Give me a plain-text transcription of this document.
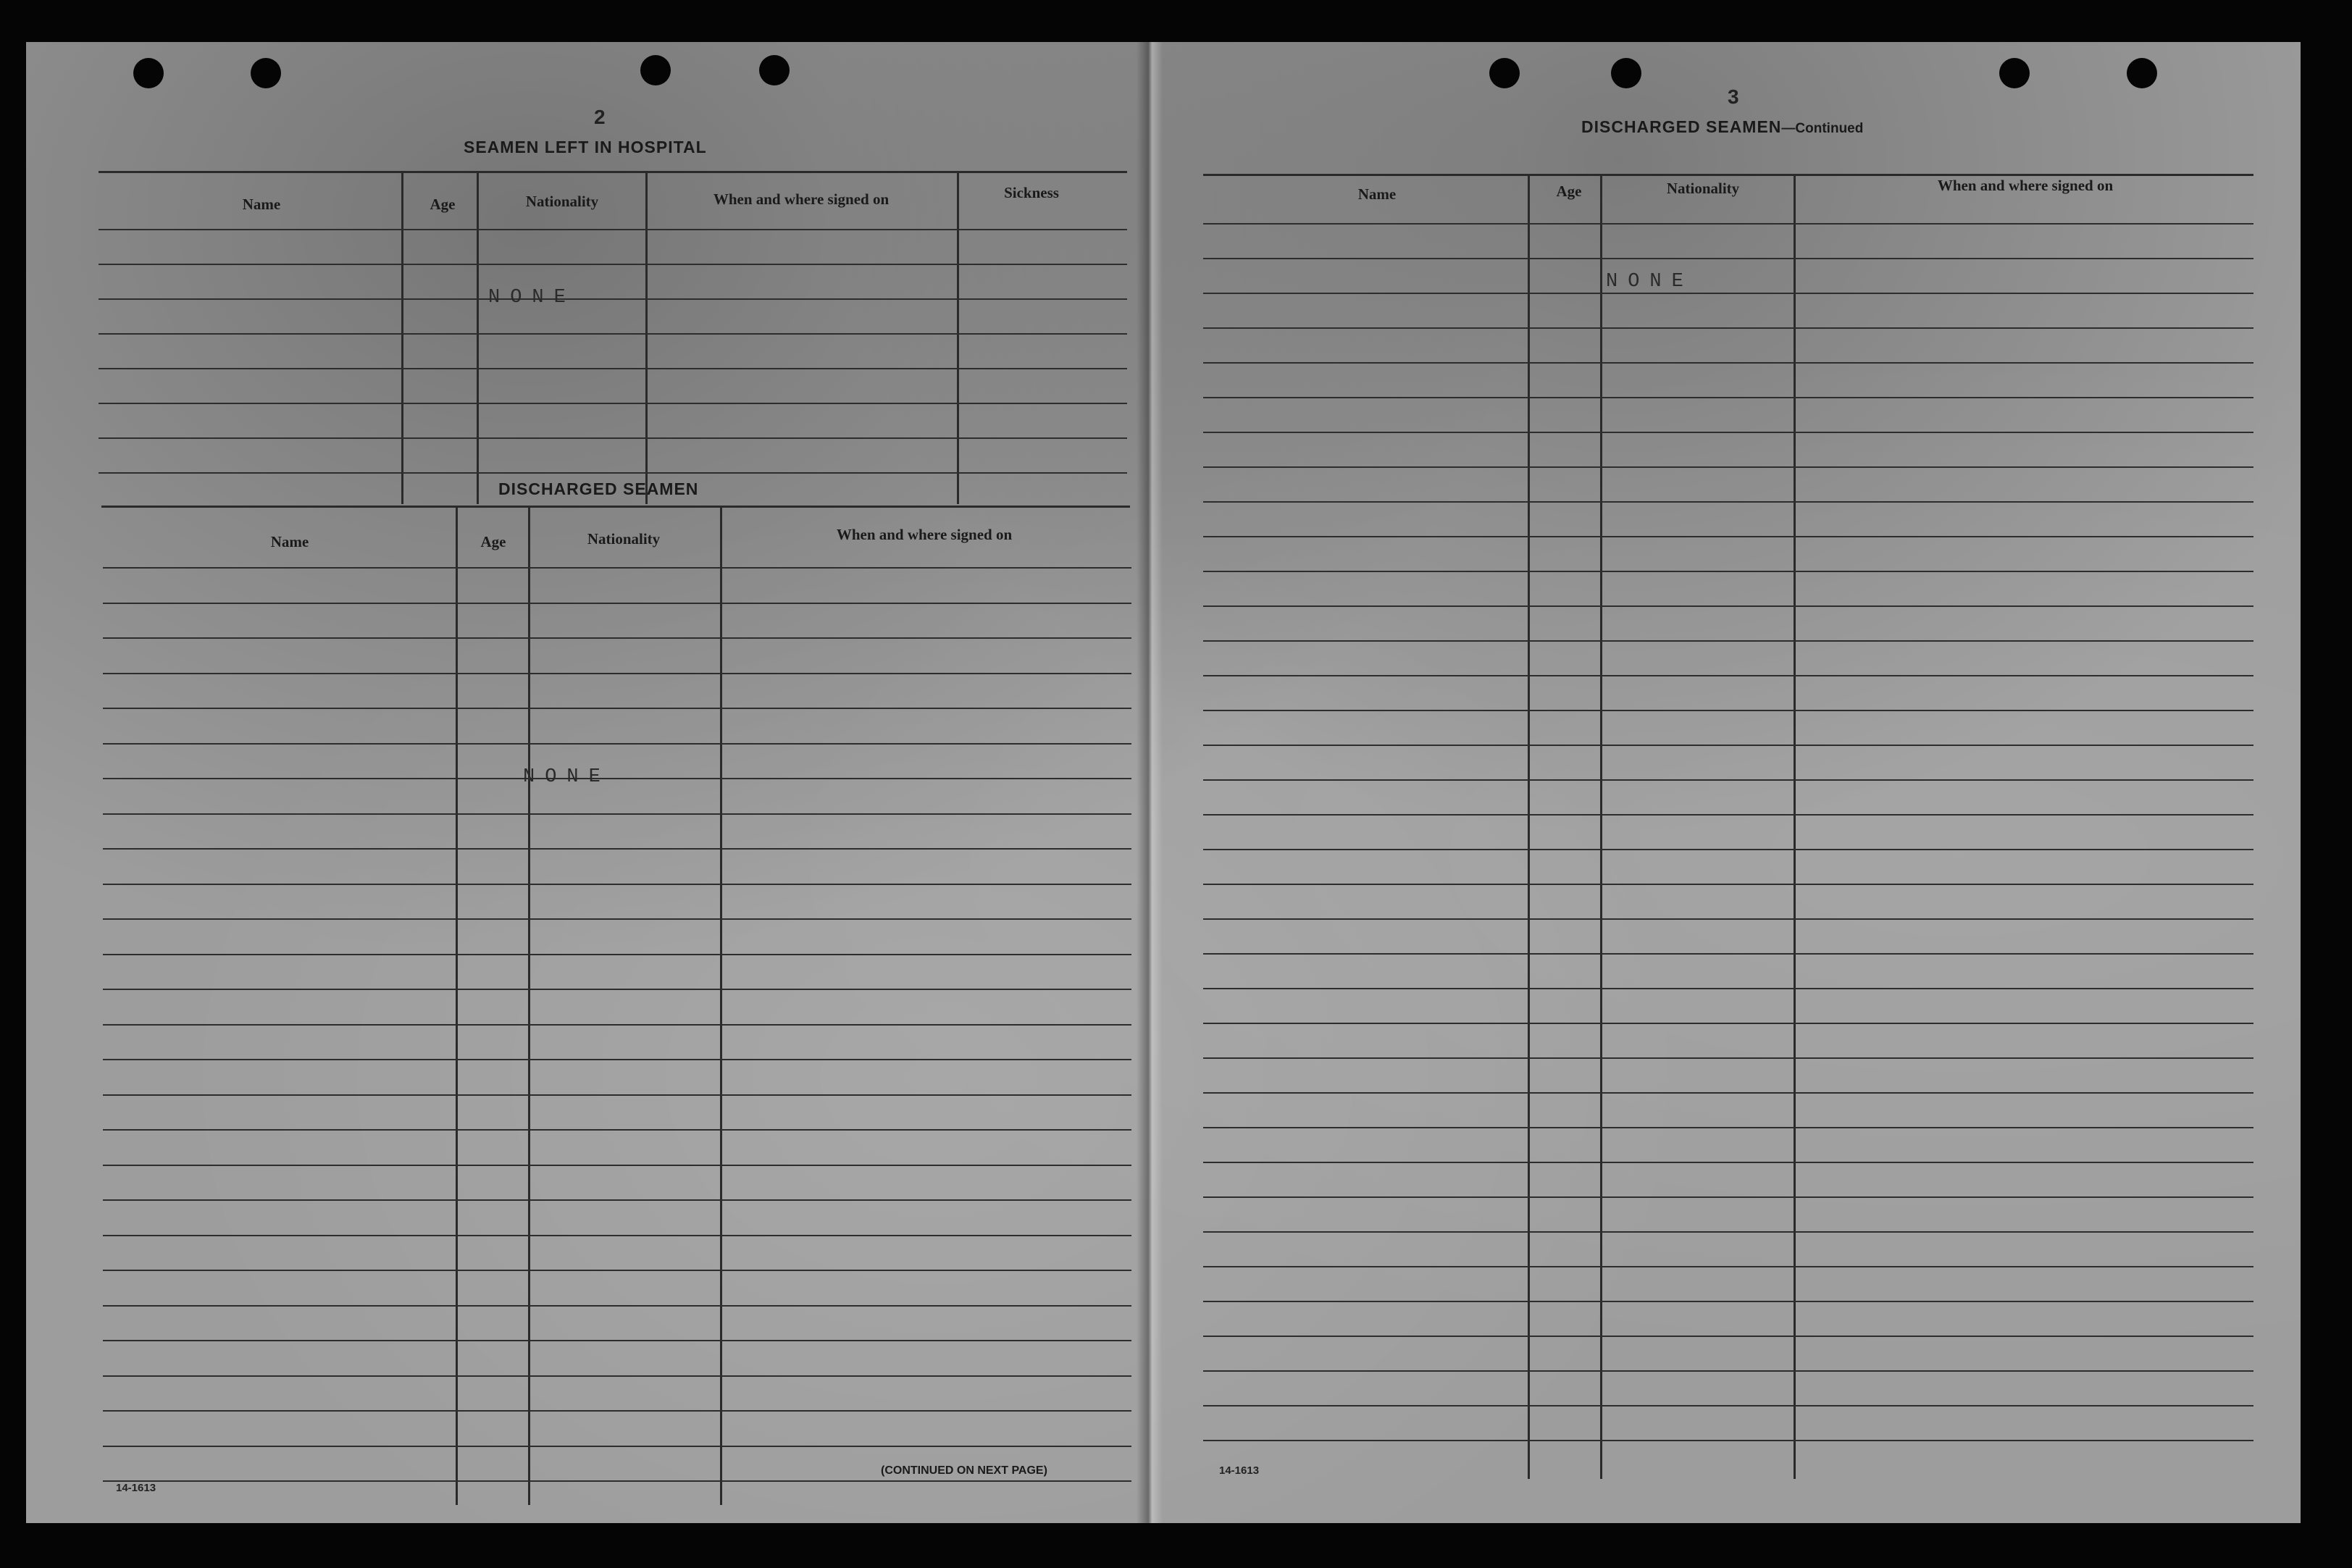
2
SEAMEN LEFT IN HOSPITAL
Name	Age	Nationality	When and where signed on	Sickness
NONE
DISCHARGED SEAMEN
Name	Age	Nationality	When and where signed on
NONE
14-1613
(CONTINUED ON NEXT PAGE)
3
DISCHARGED SEAMEN—Continued
Name	Age	Nationality	When and where signed on
NONE
14-1613
